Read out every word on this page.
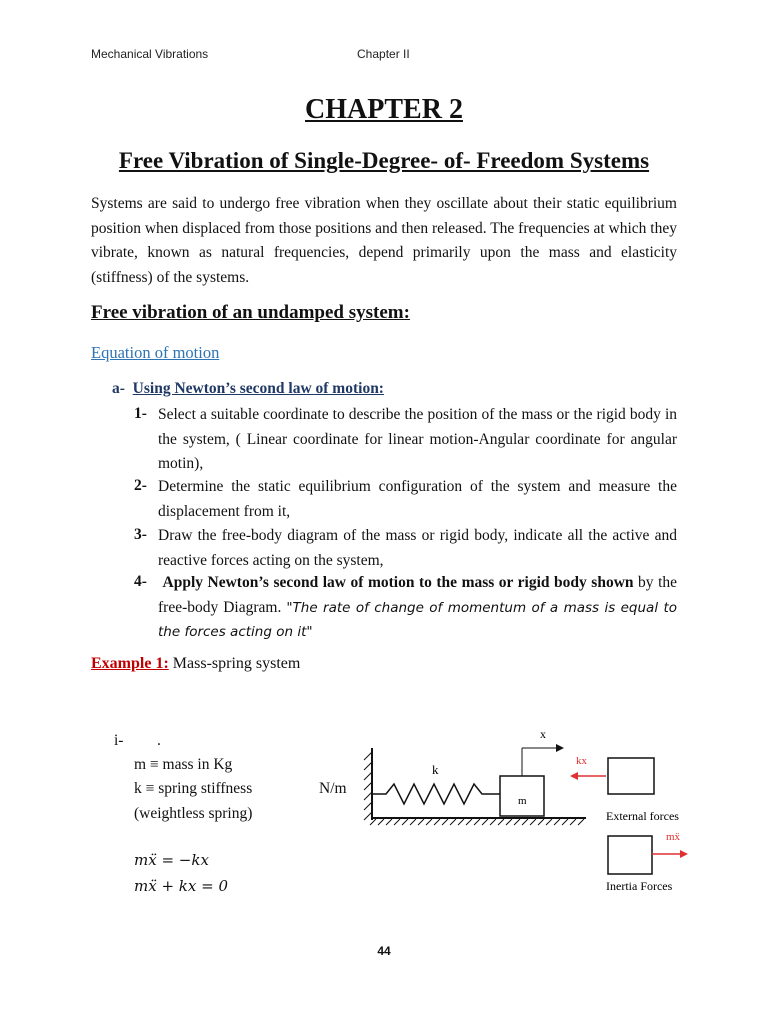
Mechanical Vibrations	Chapter II
CHAPTER 2
Free Vibration of Single-Degree- of- Freedom Systems
Systems are said to undergo free vibration when they oscillate about their static equilibrium position when displaced from those positions and then released. The frequencies at which they vibrate, known as natural frequencies, depend primarily upon the mass and elasticity (stiffness) of the systems.
Free vibration of an undamped system:
Equation of motion
a- Using Newton’s second law of motion:
1- Select a suitable coordinate to describe the position of the mass or the rigid body in the system, ( Linear coordinate for linear motion-Angular coordinate for angular motin),
2- Determine the static equilibrium configuration of the system and measure the displacement from it,
3- Draw the free-body diagram of the mass or rigid body, indicate all the active and reactive forces acting on the system,
4- Apply Newton’s second law of motion to the mass or rigid body shown by the free-body Diagram. "The rate of change of momentum of a mass is equal to the forces acting on it"
Example 1: Mass-spring system
i- .
m ≡ mass in Kg
k ≡ spring stiffness	N/m
(weightless spring)
mẍ = −kx
mẍ + kx = 0
k
m
x
kx
External forces
mẍ
Inertia Forces
44
